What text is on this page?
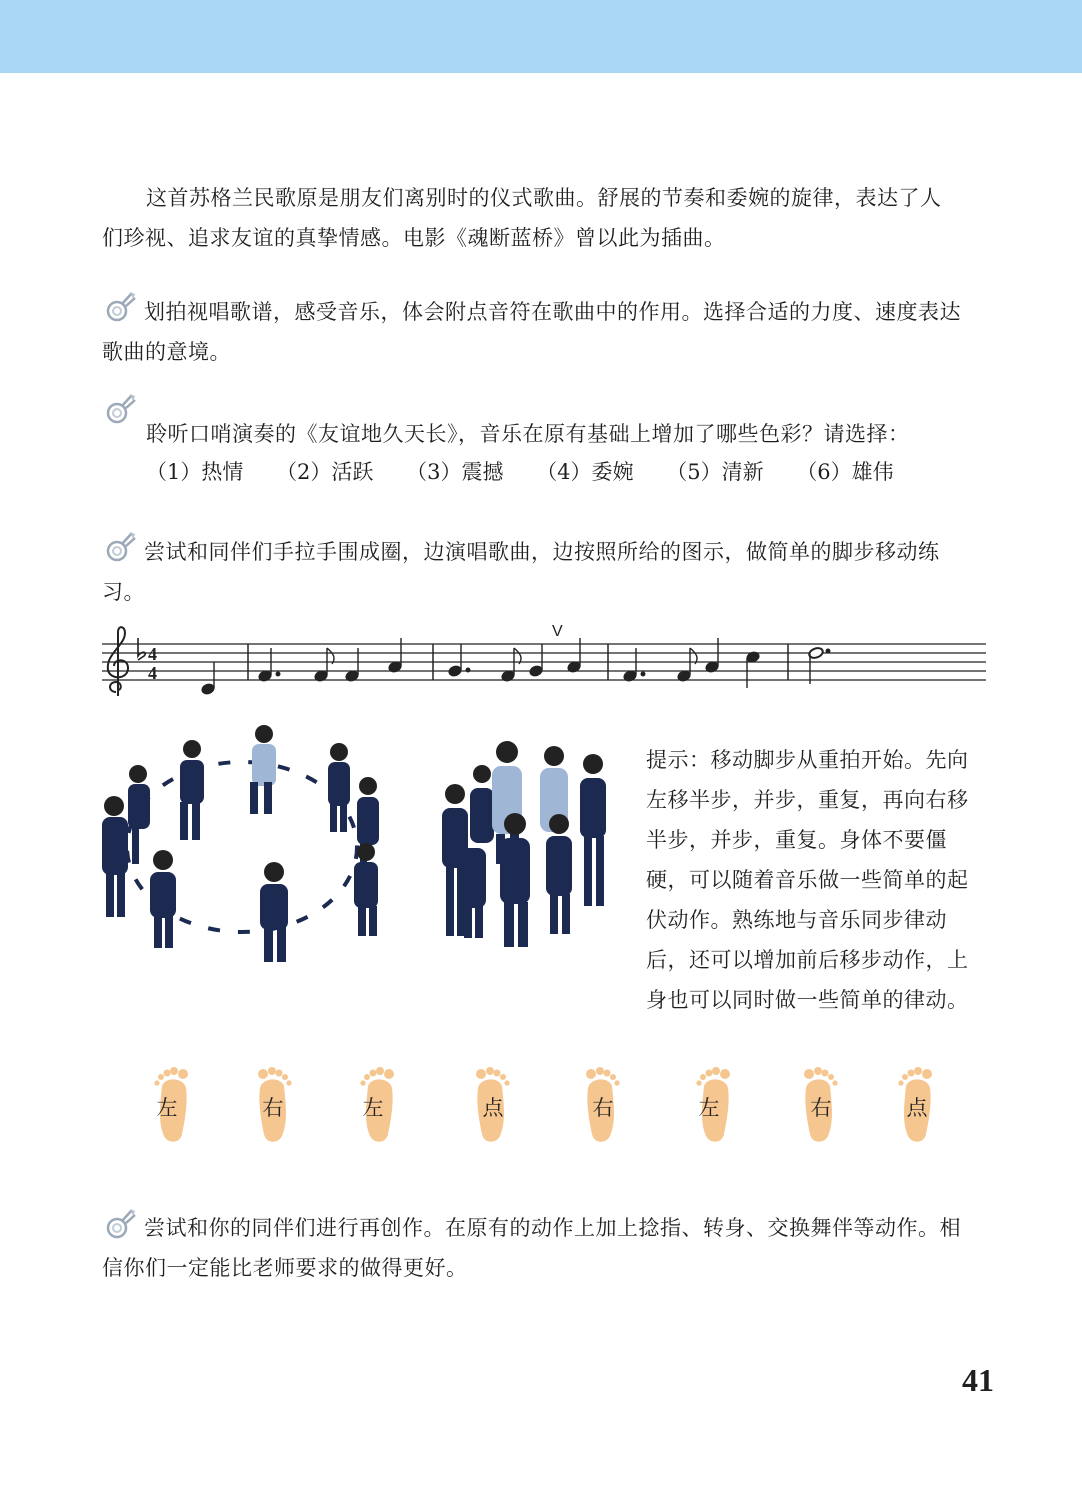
这首苏格兰民歌原是朋友们离别时的仪式歌曲。舒展的节奏和委婉的旋律，表达了人
们珍视、追求友谊的真挚情感。电影《魂断蓝桥》曾以此为插曲。
划拍视唱歌谱，感受音乐，体会附点音符在歌曲中的作用。选择合适的力度、速度表达歌曲的意境。
聆听口哨演奏的《友谊地久天长》，音乐在原有基础上增加了哪些色彩？请选择：
（1）热情 （2）活跃 （3）震撼 （4）委婉 （5）清新 （6）雄伟
尝试和同伴们手拉手围成圈，边演唱歌曲，边按照所给的图示，做简单的脚步移动练习。
4
4
V
提示：移动脚步从重拍开始。先向左移半步，并步，重复，再向右移半步，并步，重复。身体不要僵硬，可以随着音乐做一些简单的起伏动作。熟练地与音乐同步律动后，还可以增加前后移步动作，上身也可以同时做一些简单的律动。
左	右	左	点	右	左	右	点
尝试和你的同伴们进行再创作。在原有的动作上加上捻指、转身、交换舞伴等动作。相信你们一定能比老师要求的做得更好。
41
